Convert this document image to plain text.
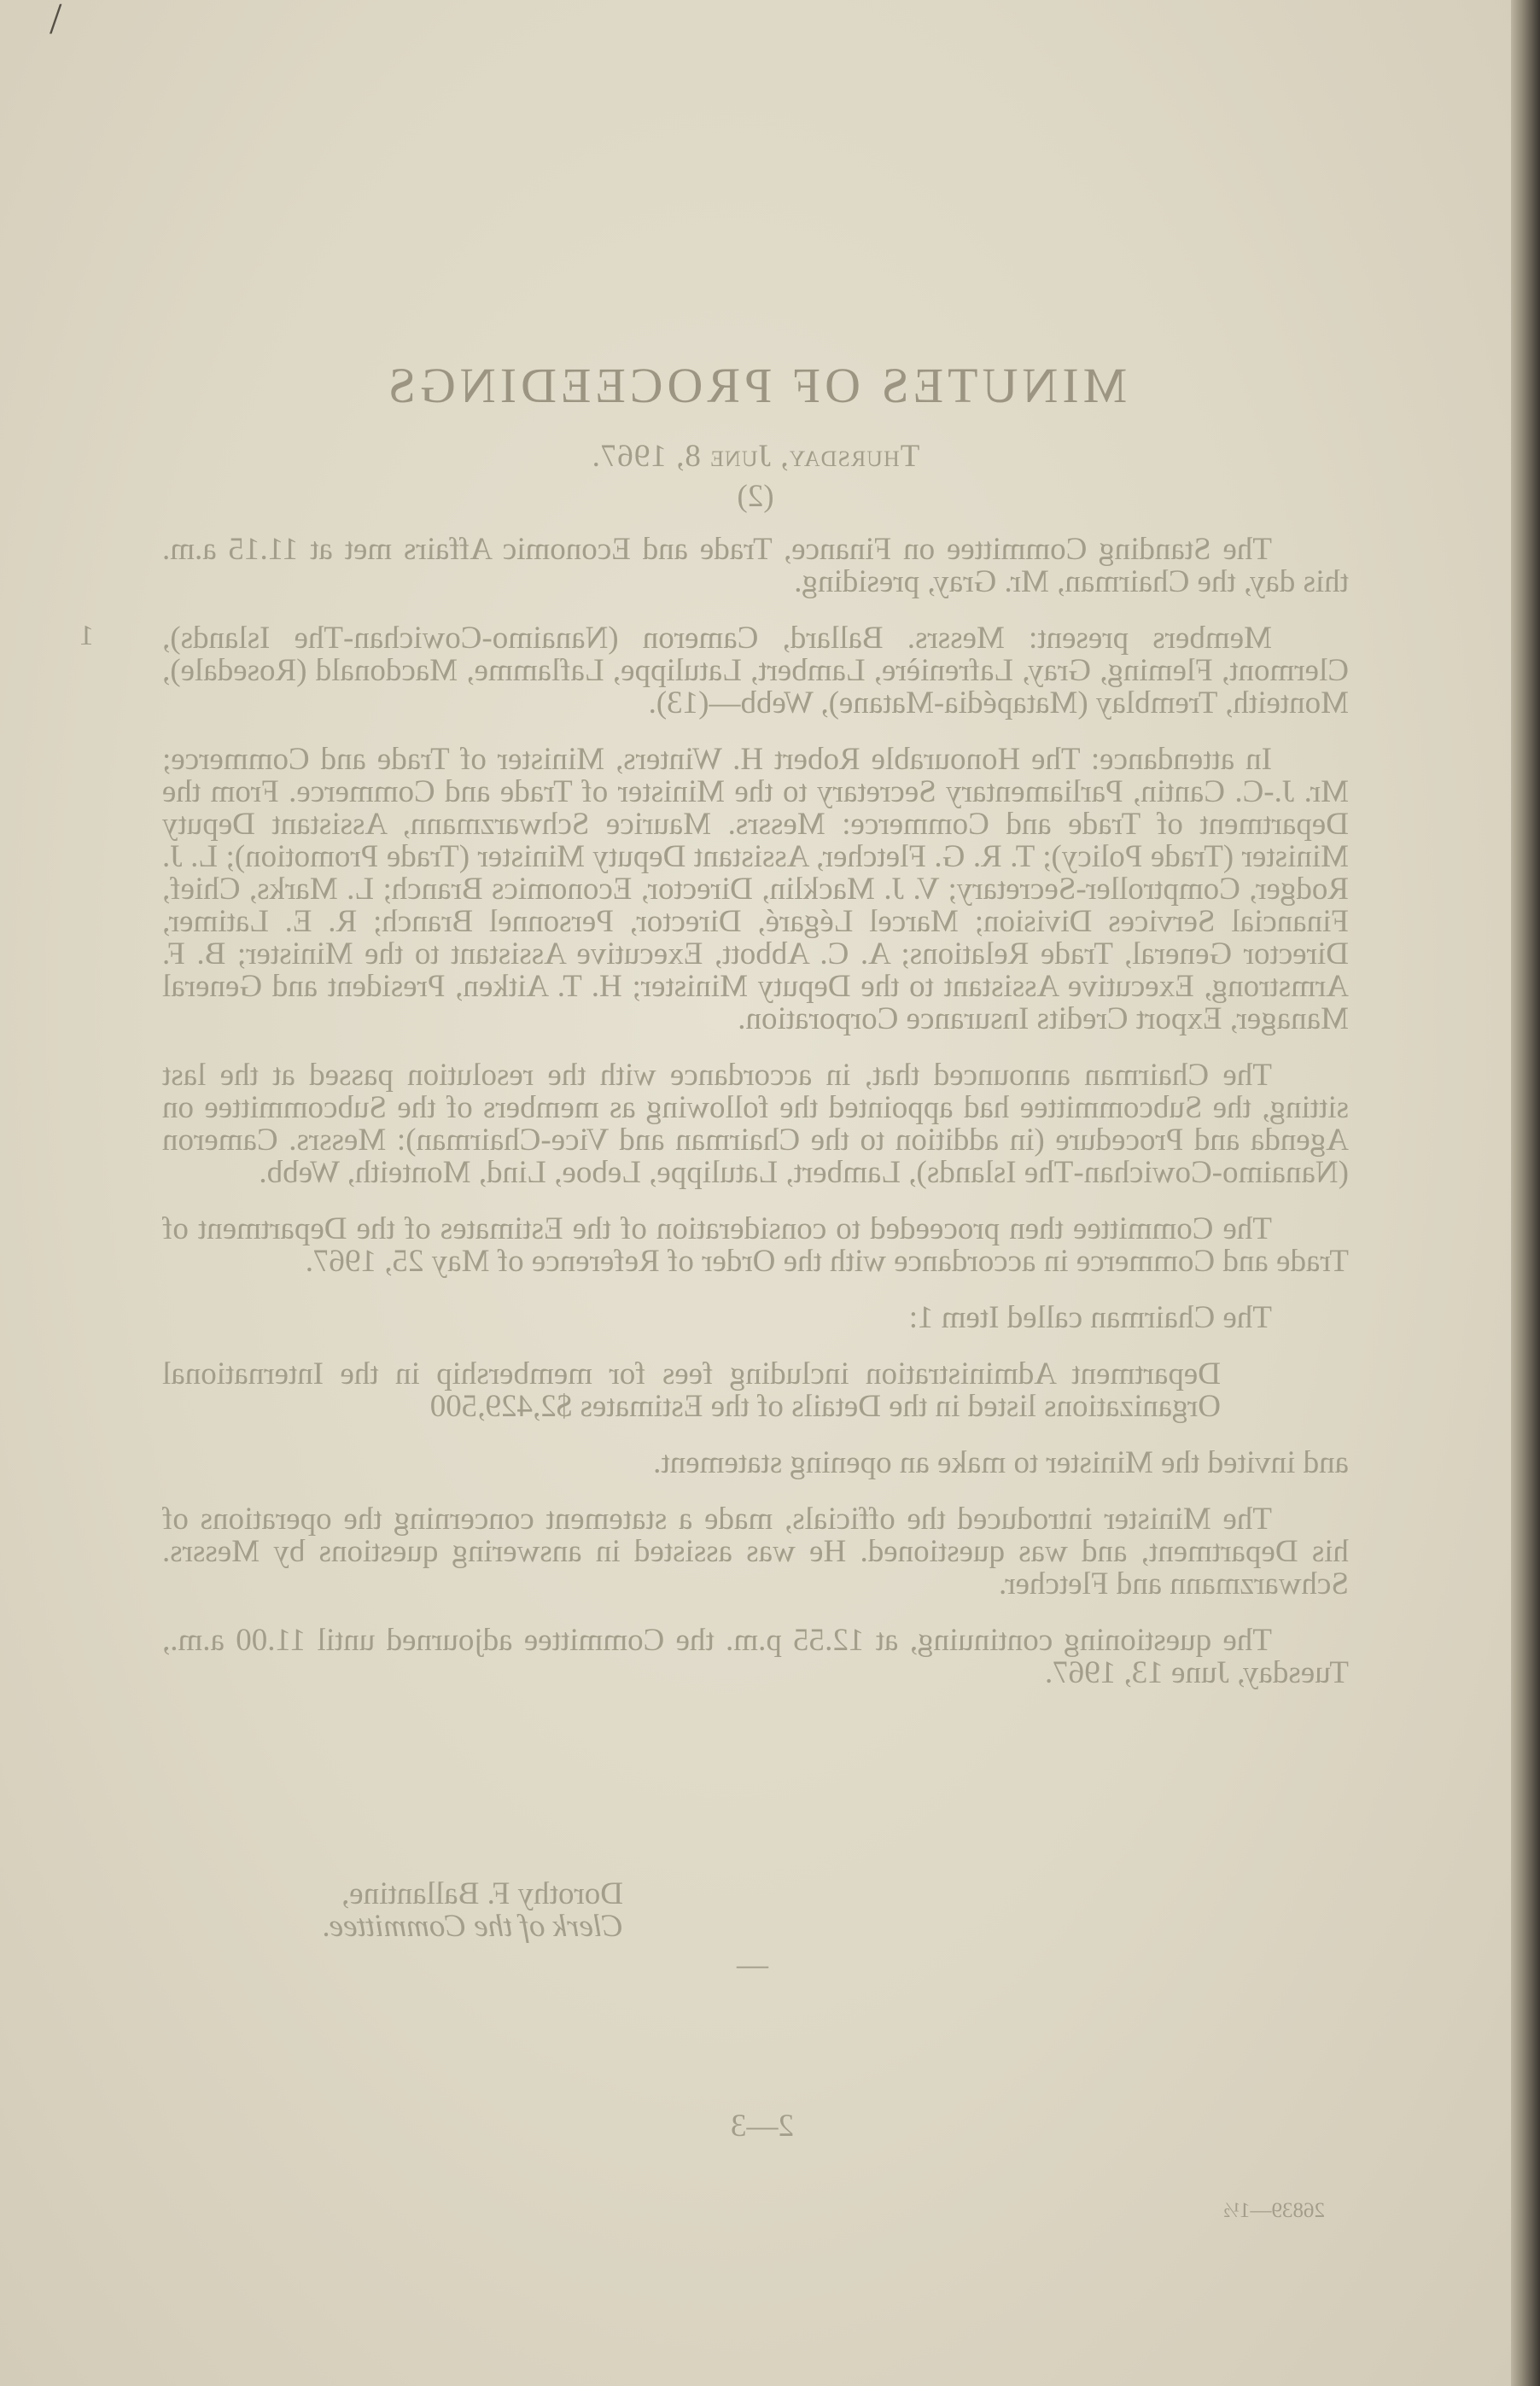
/
MINUTES OF PROCEEDINGS
Thursday, June 8, 1967.
(2)
1

The Standing Committee on Finance, Trade and Economic Affairs met at 11.15 a.m. this day, the Chairman, Mr. Gray, presiding.

Members present: Messrs. Ballard, Cameron (Nanaimo-Cowichan-The Islands), Clermont, Fleming, Gray, Lafrenière, Lambert, Latulippe, Laflamme, Macdonald (Rosedale), Monteith, Tremblay (Matapédia-Matane), Webb—(13).

In attendance: The Honourable Robert H. Winters, Minister of Trade and Commerce; Mr. J.-C. Cantin, Parliamentary Secretary to the Minister of Trade and Commerce. From the Department of Trade and Commerce: Messrs. Maurice Schwarzmann, Assistant Deputy Minister (Trade Policy); T. R. G. Fletcher, Assistant Deputy Minister (Trade Promotion); L. J. Rodger, Comptroller-Secretary; V. J. Macklin, Director, Economics Branch; L. Marks, Chief, Financial Services Division; Marcel Légaré, Director, Personnel Branch; R. E. Latimer, Director General, Trade Relations; A. C. Abbott, Executive Assistant to the Minister; B. F. Armstrong, Executive Assistant to the Deputy Minister; H. T. Aitken, President and General Manager, Export Credits Insurance Corporation.

The Chairman announced that, in accordance with the resolution passed at the last sitting, the Subcommittee had appointed the following as members of the Subcommittee on Agenda and Procedure (in addition to the Chairman and Vice-Chairman): Messrs. Cameron (Nanaimo-Cowichan-The Islands), Lambert, Latulippe, Leboe, Lind, Monteith, Webb.

The Committee then proceeded to consideration of the Estimates of the Department of Trade and Commerce in accordance with the Order of Reference of May 25, 1967.

The Chairman called Item 1:

Department Administration including fees for membership in the International Organizations listed in the Details of the Estimates $2,429,500

and invited the Minister to make an opening statement.

The Minister introduced the officials, made a statement concerning the operations of his Department, and was questioned. He was assisted in answering questions by Messrs. Schwarzmann and Fletcher.

The questioning continuing, at 12.55 p.m. the Committee adjourned until 11.00 a.m., Tuesday, June 13, 1967.

Dorothy F. Ballantine,
Clerk of the Committee.
—
2—3
26839—1½
